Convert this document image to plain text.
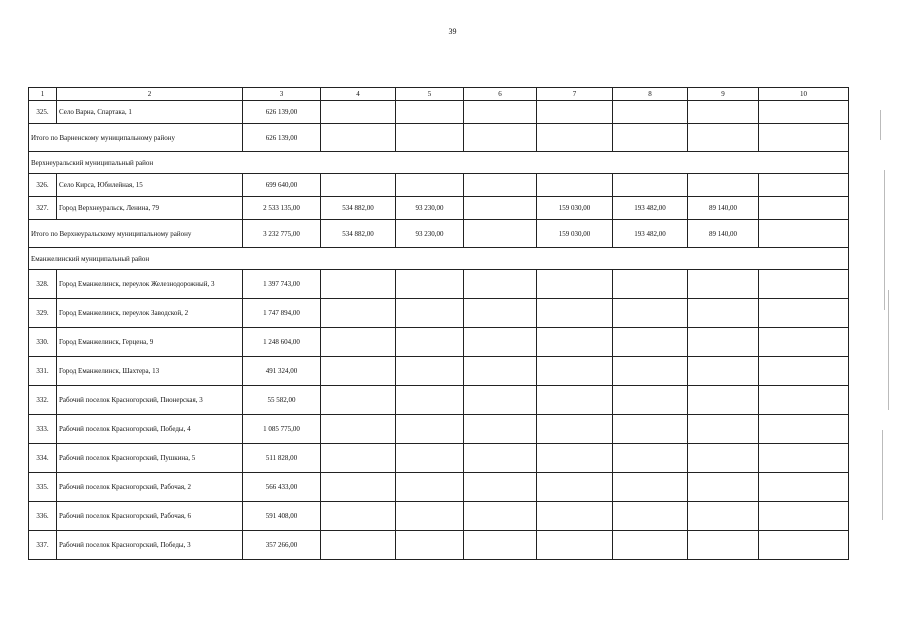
39
1	2	3	4	5	6	7	8	9	10
325.	Село Варна, Спартака, 1	626 139,00							
Итого по Варненскому муниципальному району		626 139,00							
Верхнеуральский муниципальный район									
326.	Село Кирса, Юбилейная, 15	699 640,00							
327.	Город Верхнеуральск, Ленина, 79	2 533 135,00	534 882,00	93 230,00		159 030,00	193 482,00	89 140,00	
Итого по Верхнеуральскому муниципальному району		3 232 775,00	534 882,00	93 230,00		159 030,00	193 482,00	89 140,00	
Еманжелинский муниципальный район									
328.	Город Еманжелинск, переулок Железнодорожный, 3	1 397 743,00							
329.	Город Еманжелинск, переулок Заводской, 2	1 747 894,00							
330.	Город Еманжелинск, Герцена, 9	1 248 604,00							
331.	Город Еманжелинск, Шахтера, 13	491 324,00							
332.	Рабочий поселок Красногорский, Пионерская, 3	55 582,00							
333.	Рабочий поселок Красногорский, Победы, 4	1 085 775,00							
334.	Рабочий поселок Красногорский, Пушкина, 5	511 828,00							
335.	Рабочий поселок Красногорский, Рабочая, 2	566 433,00							
336.	Рабочий поселок Красногорский, Рабочая, 6	591 408,00							
337.	Рабочий поселок Красногорский, Победы, 3	357 266,00							
